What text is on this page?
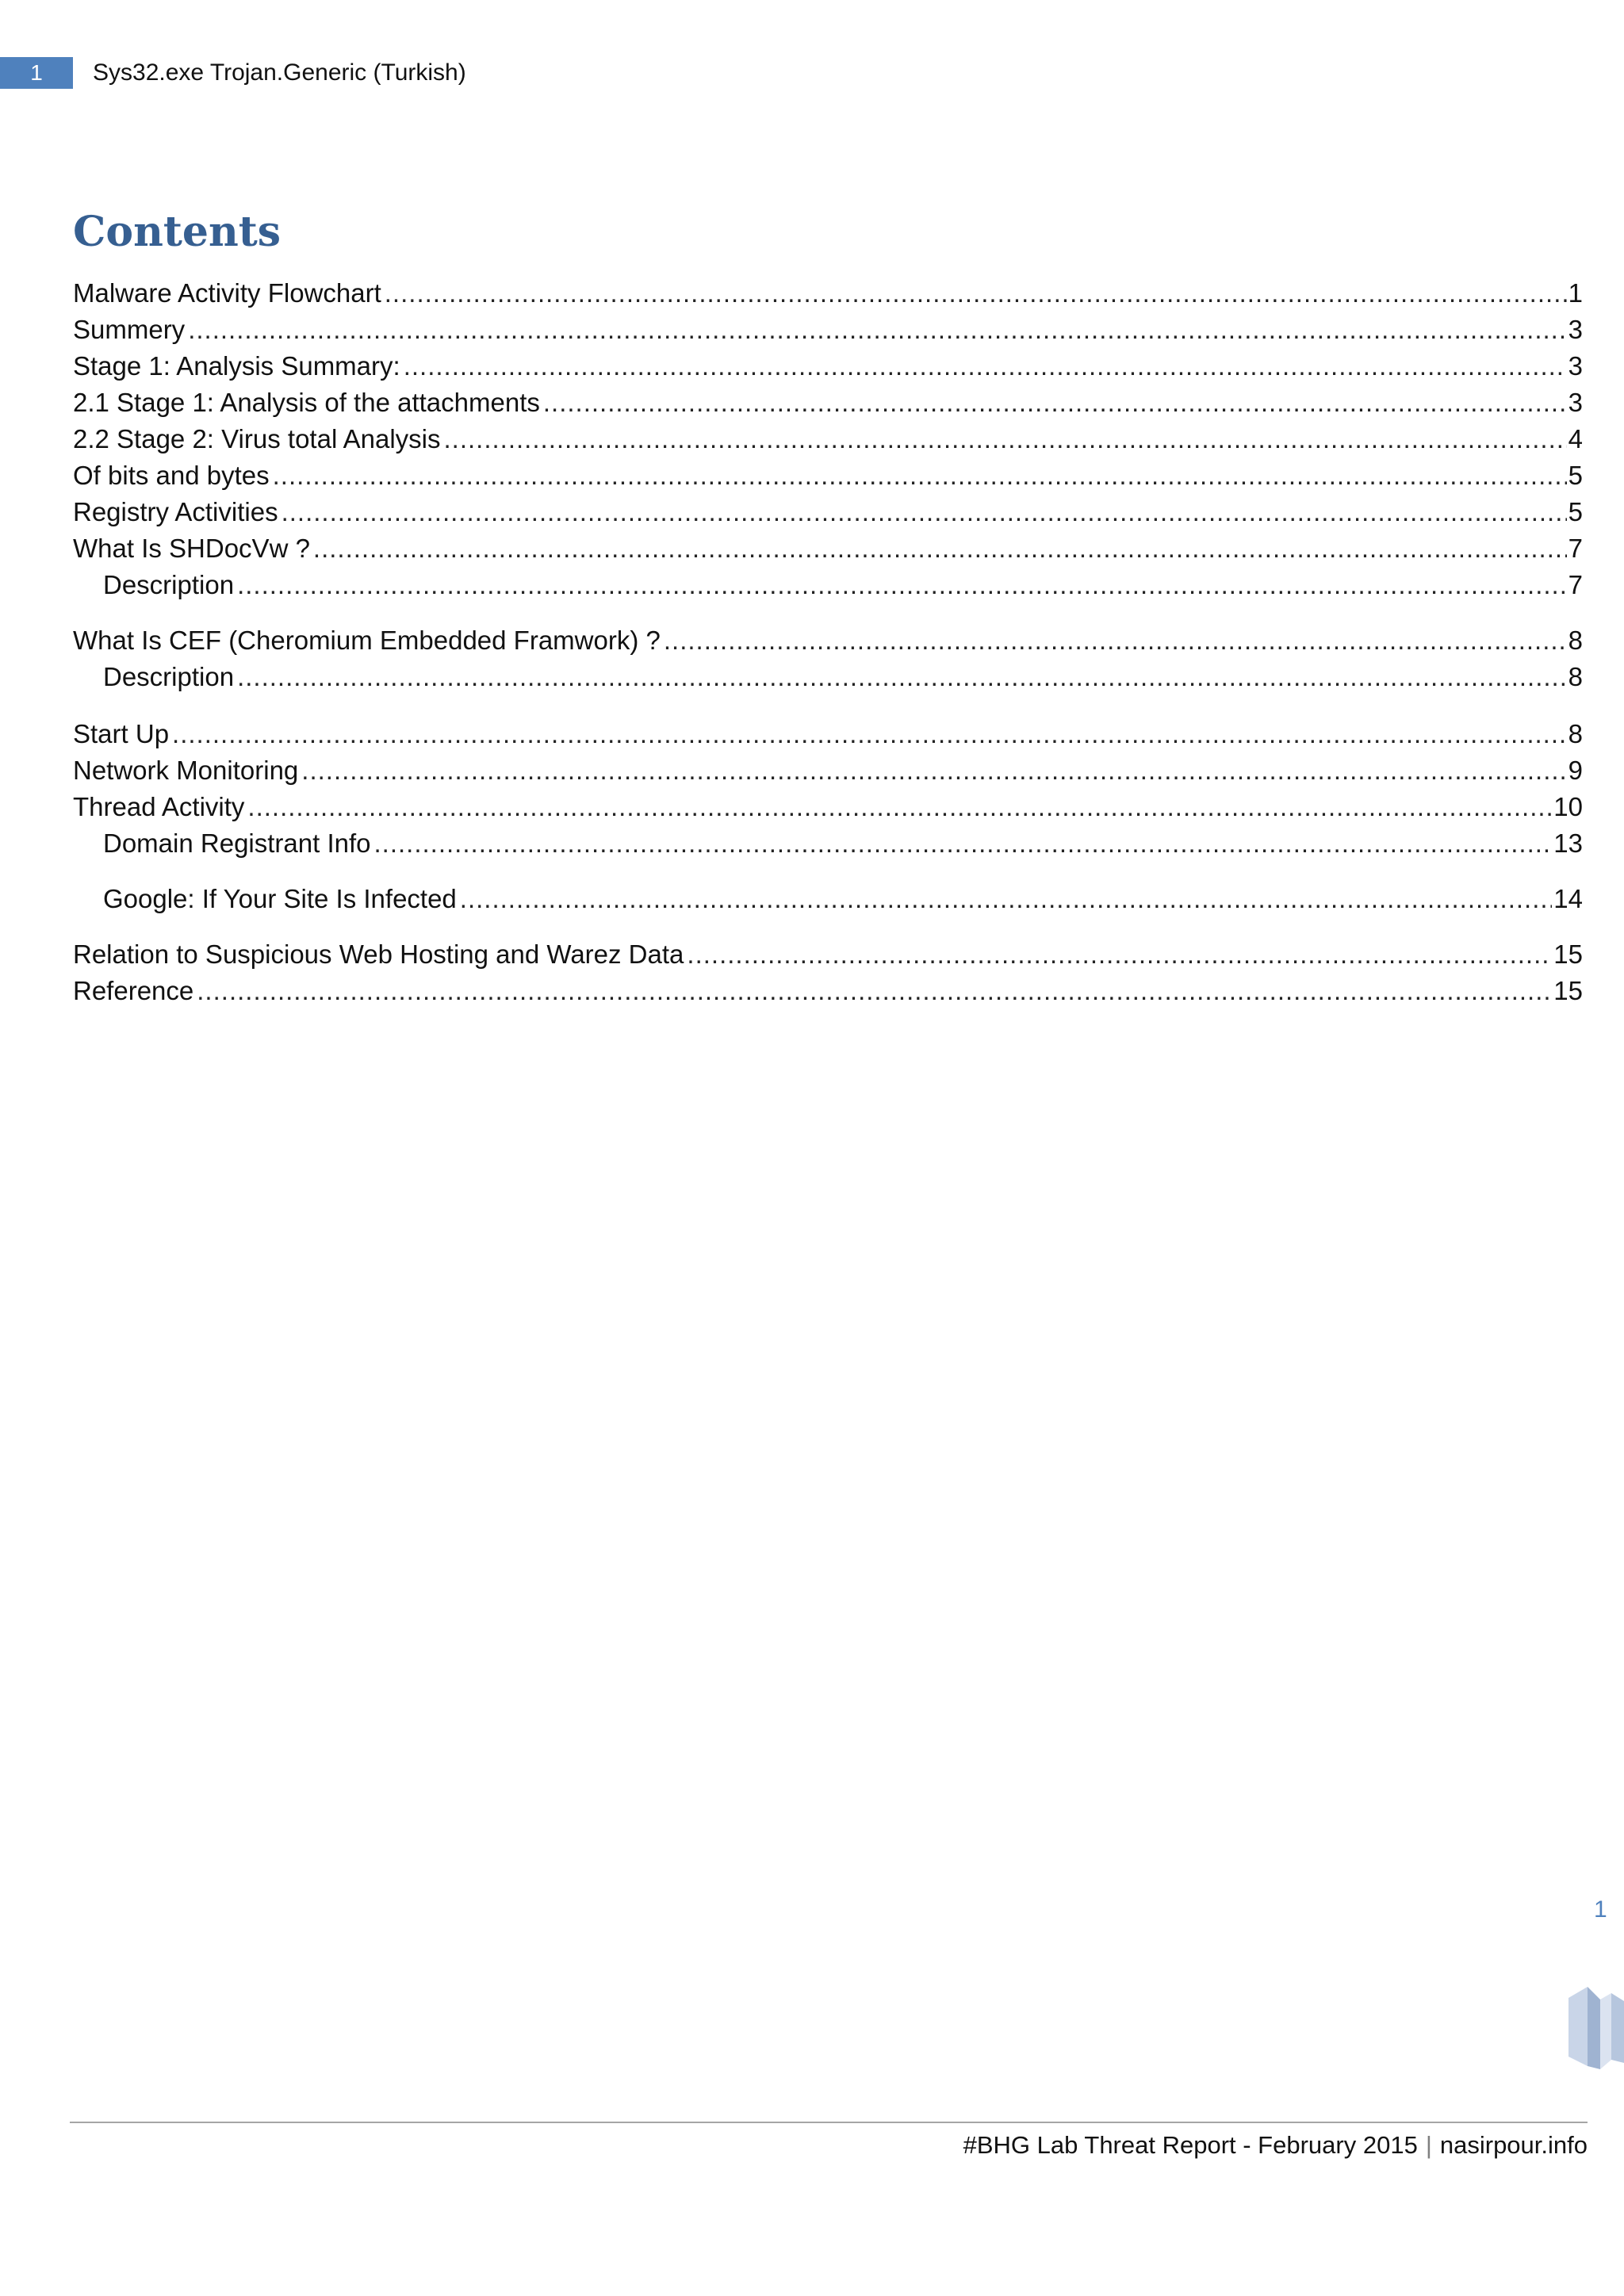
1	Sys32.exe Trojan.Generic (Turkish)
Contents
Malware Activity Flowchart .....	1
Summery .....	3
Stage 1: Analysis Summary: .....	3
2.1 Stage 1: Analysis of the attachments .....	3
2.2 Stage 2: Virus total Analysis .....	4
Of bits and bytes .....	5
Registry Activities .....	5
What Is SHDocVw ? .....	7
Description .....	7
What Is CEF (Cheromium Embedded Framwork) ? .....	8
Description .....	8
Start Up .....	8
Network Monitoring .....	9
Thread Activity .....	10
Domain Registrant Info .....	13
Google: If Your Site Is Infected .....	14
Relation to Suspicious Web Hosting and Warez Data .....	15
Reference .....	15
1
#BHG Lab Threat Report - February 2015 | nasirpour.info
